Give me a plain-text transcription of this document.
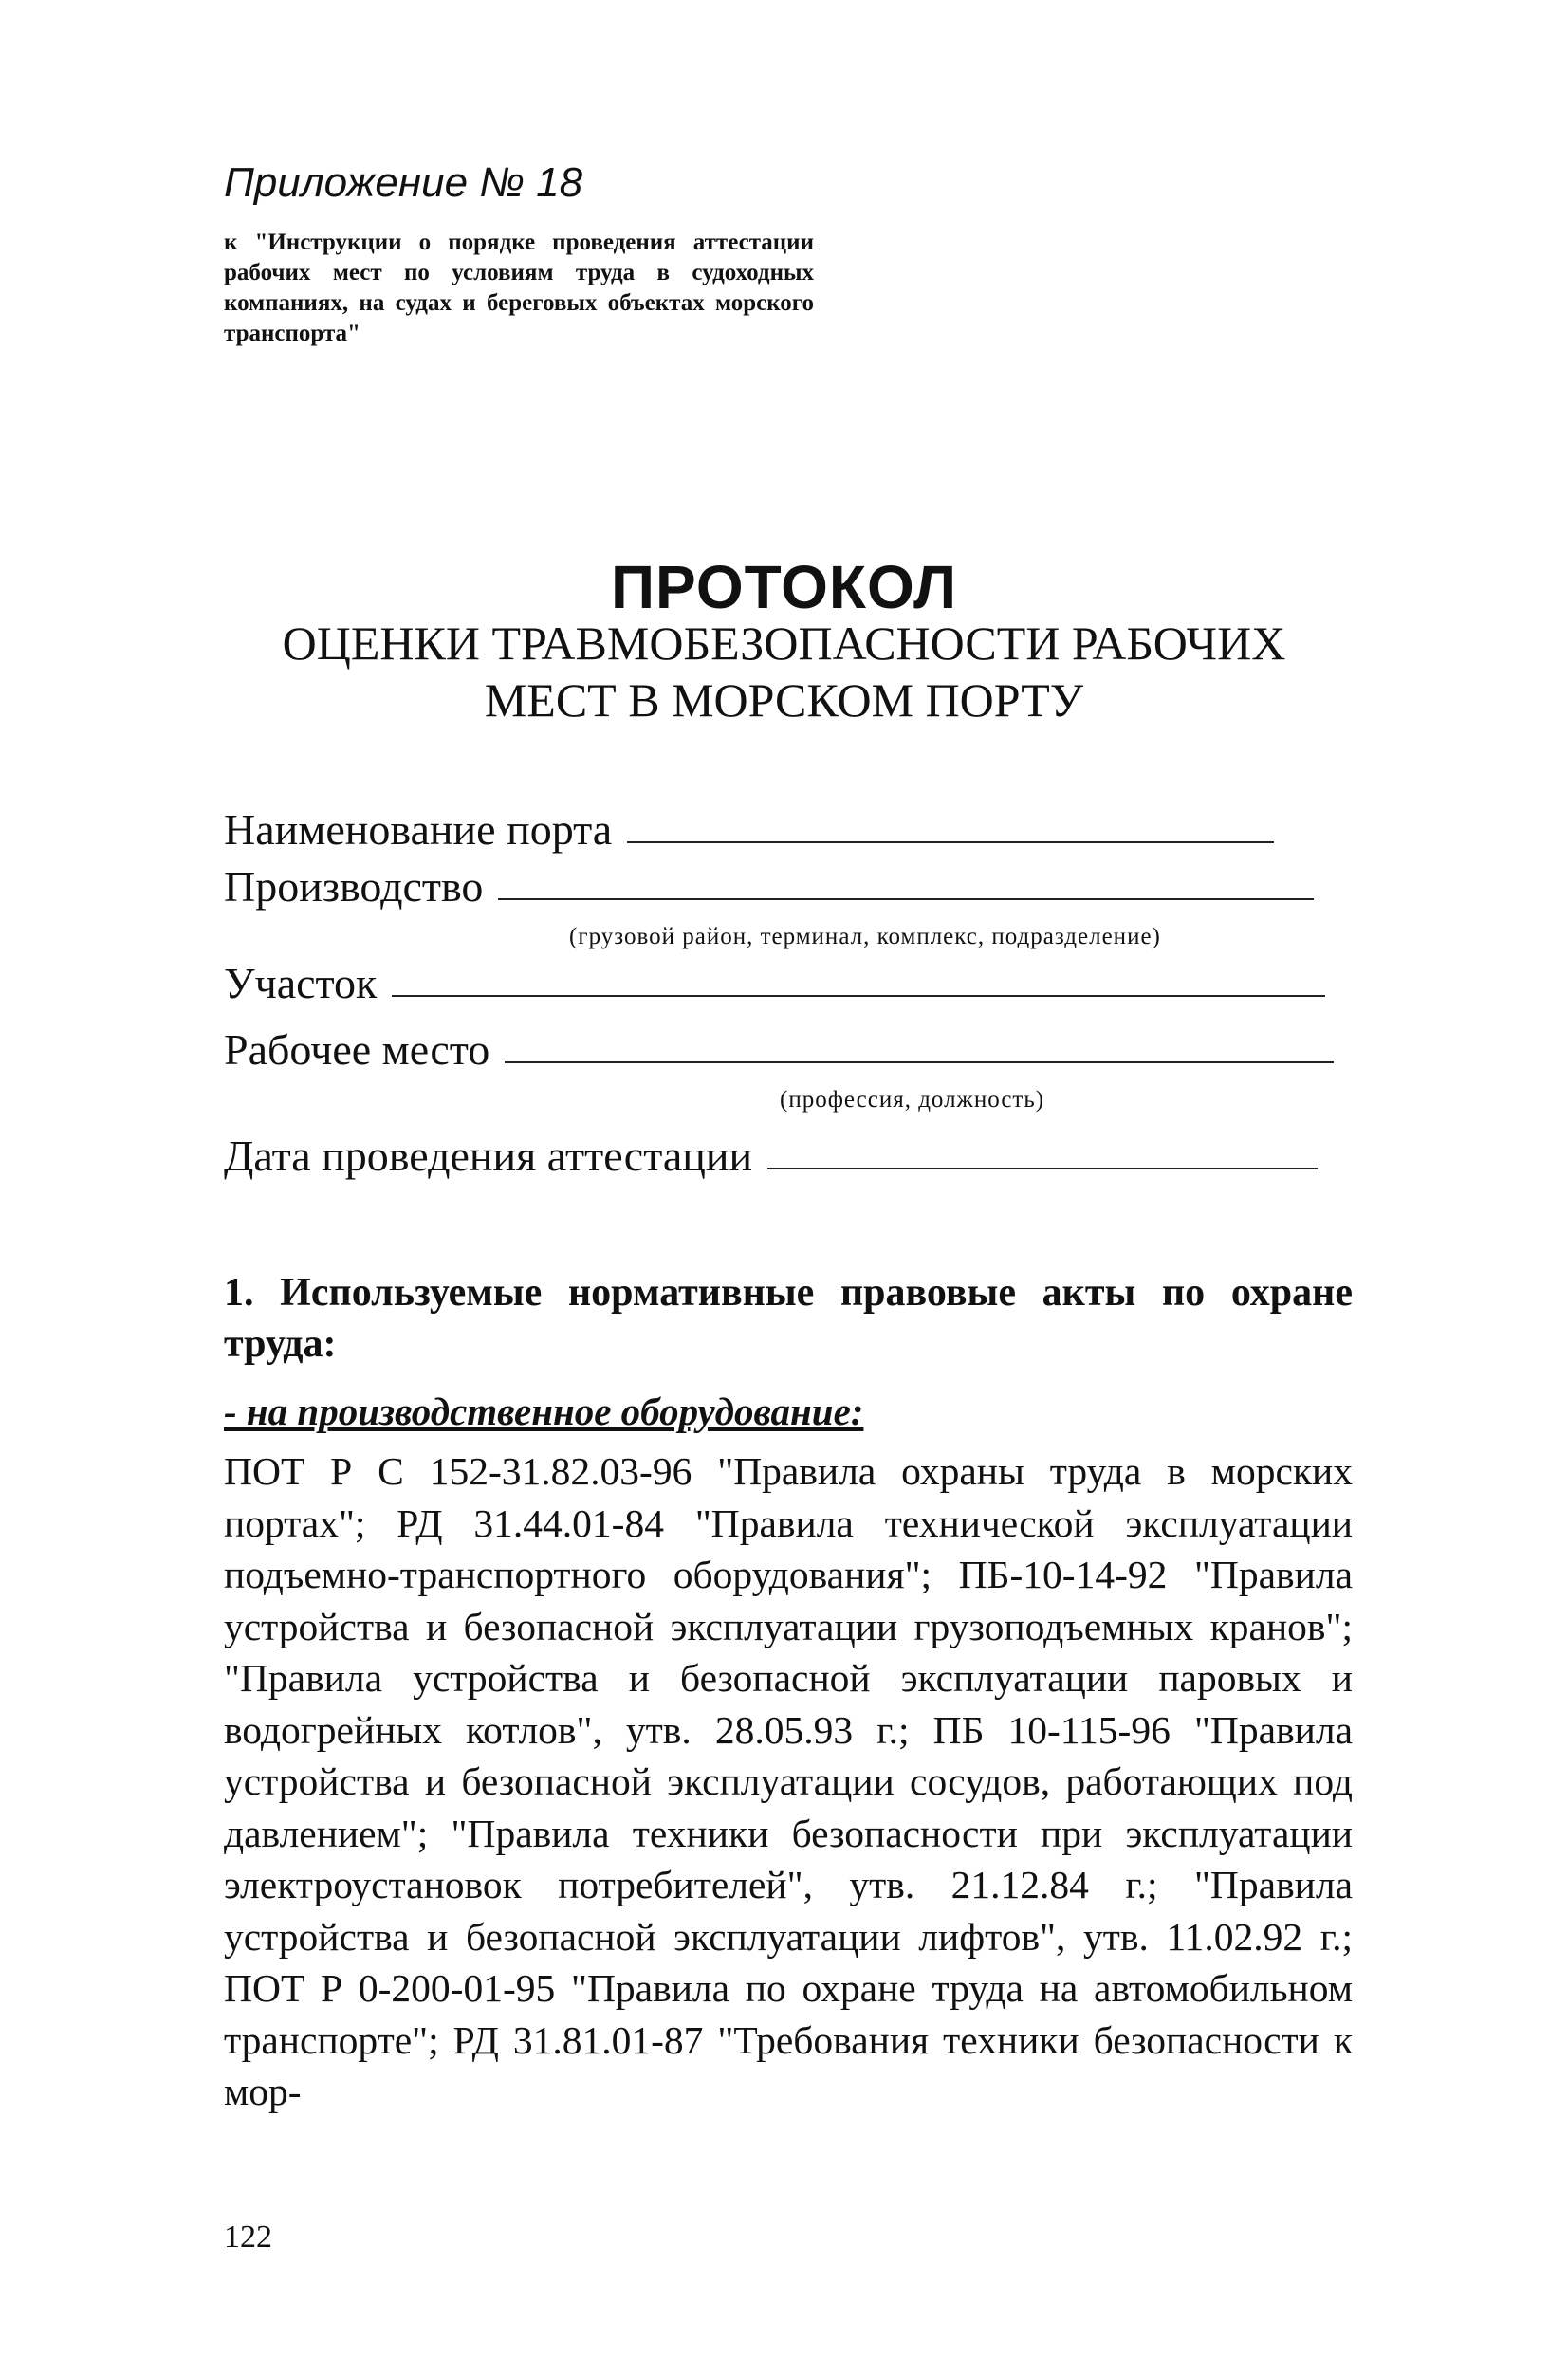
Приложение № 18
к "Инструкции о порядке проведения аттестации рабочих мест по условиям труда в судоходных компаниях, на судах и береговых объектах морского транспорта"
ПРОТОКОЛ
ОЦЕНКИ ТРАВМОБЕЗОПАСНОСТИ РАБОЧИХ
МЕСТ В МОРСКОМ ПОРТУ
Наименование порта
Производство
(грузовой район, терминал, комплекс, подразделение)
Участок
Рабочее место
(профессия, должность)
Дата проведения аттестации
1. Используемые нормативные правовые акты по охране труда:
- на производственное оборудование:

ПОТ Р С 152-31.82.03-96 "Правила охраны труда в морских портах"; РД 31.44.01-84 "Правила технической эксплуатации подъемно-транспортного оборудования"; ПБ-10-14-92 "Правила устройства и безопасной эксплуатации грузоподъемных кранов"; "Правила устройства и безопасной эксплуатации паровых и водогрейных котлов", утв. 28.05.93 г.; ПБ 10-115-96 "Правила устройства и безопасной эксплуатации сосудов, работающих под давлением"; "Правила техники безопасности при эксплуатации электроустановок потребителей", утв. 21.12.84 г.; "Правила устройства и безопасной эксплуатации лифтов", утв. 11.02.92 г.; ПОТ Р 0-200-01-95 "Правила по охране труда на автомобильном транспорте"; РД 31.81.01-87 "Требования техники безопасности к мор-

122
